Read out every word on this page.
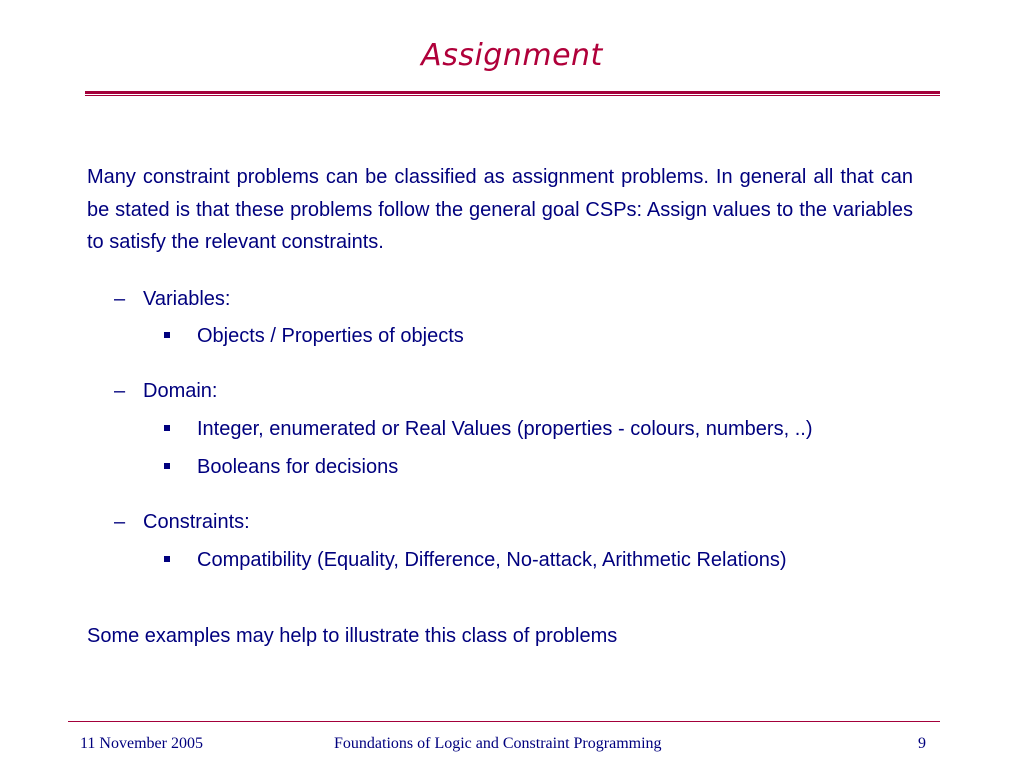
Assignment
Many constraint problems can be classified as assignment problems. In general all that can be stated is that these problems follow the general goal CSPs: Assign values to the variables to satisfy the relevant constraints.
– Variables:
Objects / Properties of objects
– Domain:
Integer, enumerated or Real Values (properties - colours, numbers, ..)
Booleans for decisions
– Constraints:
Compatibility (Equality, Difference, No-attack, Arithmetic Relations)
Some examples may help to illustrate this class of problems
11 November 2005	Foundations of Logic and Constraint Programming	9
